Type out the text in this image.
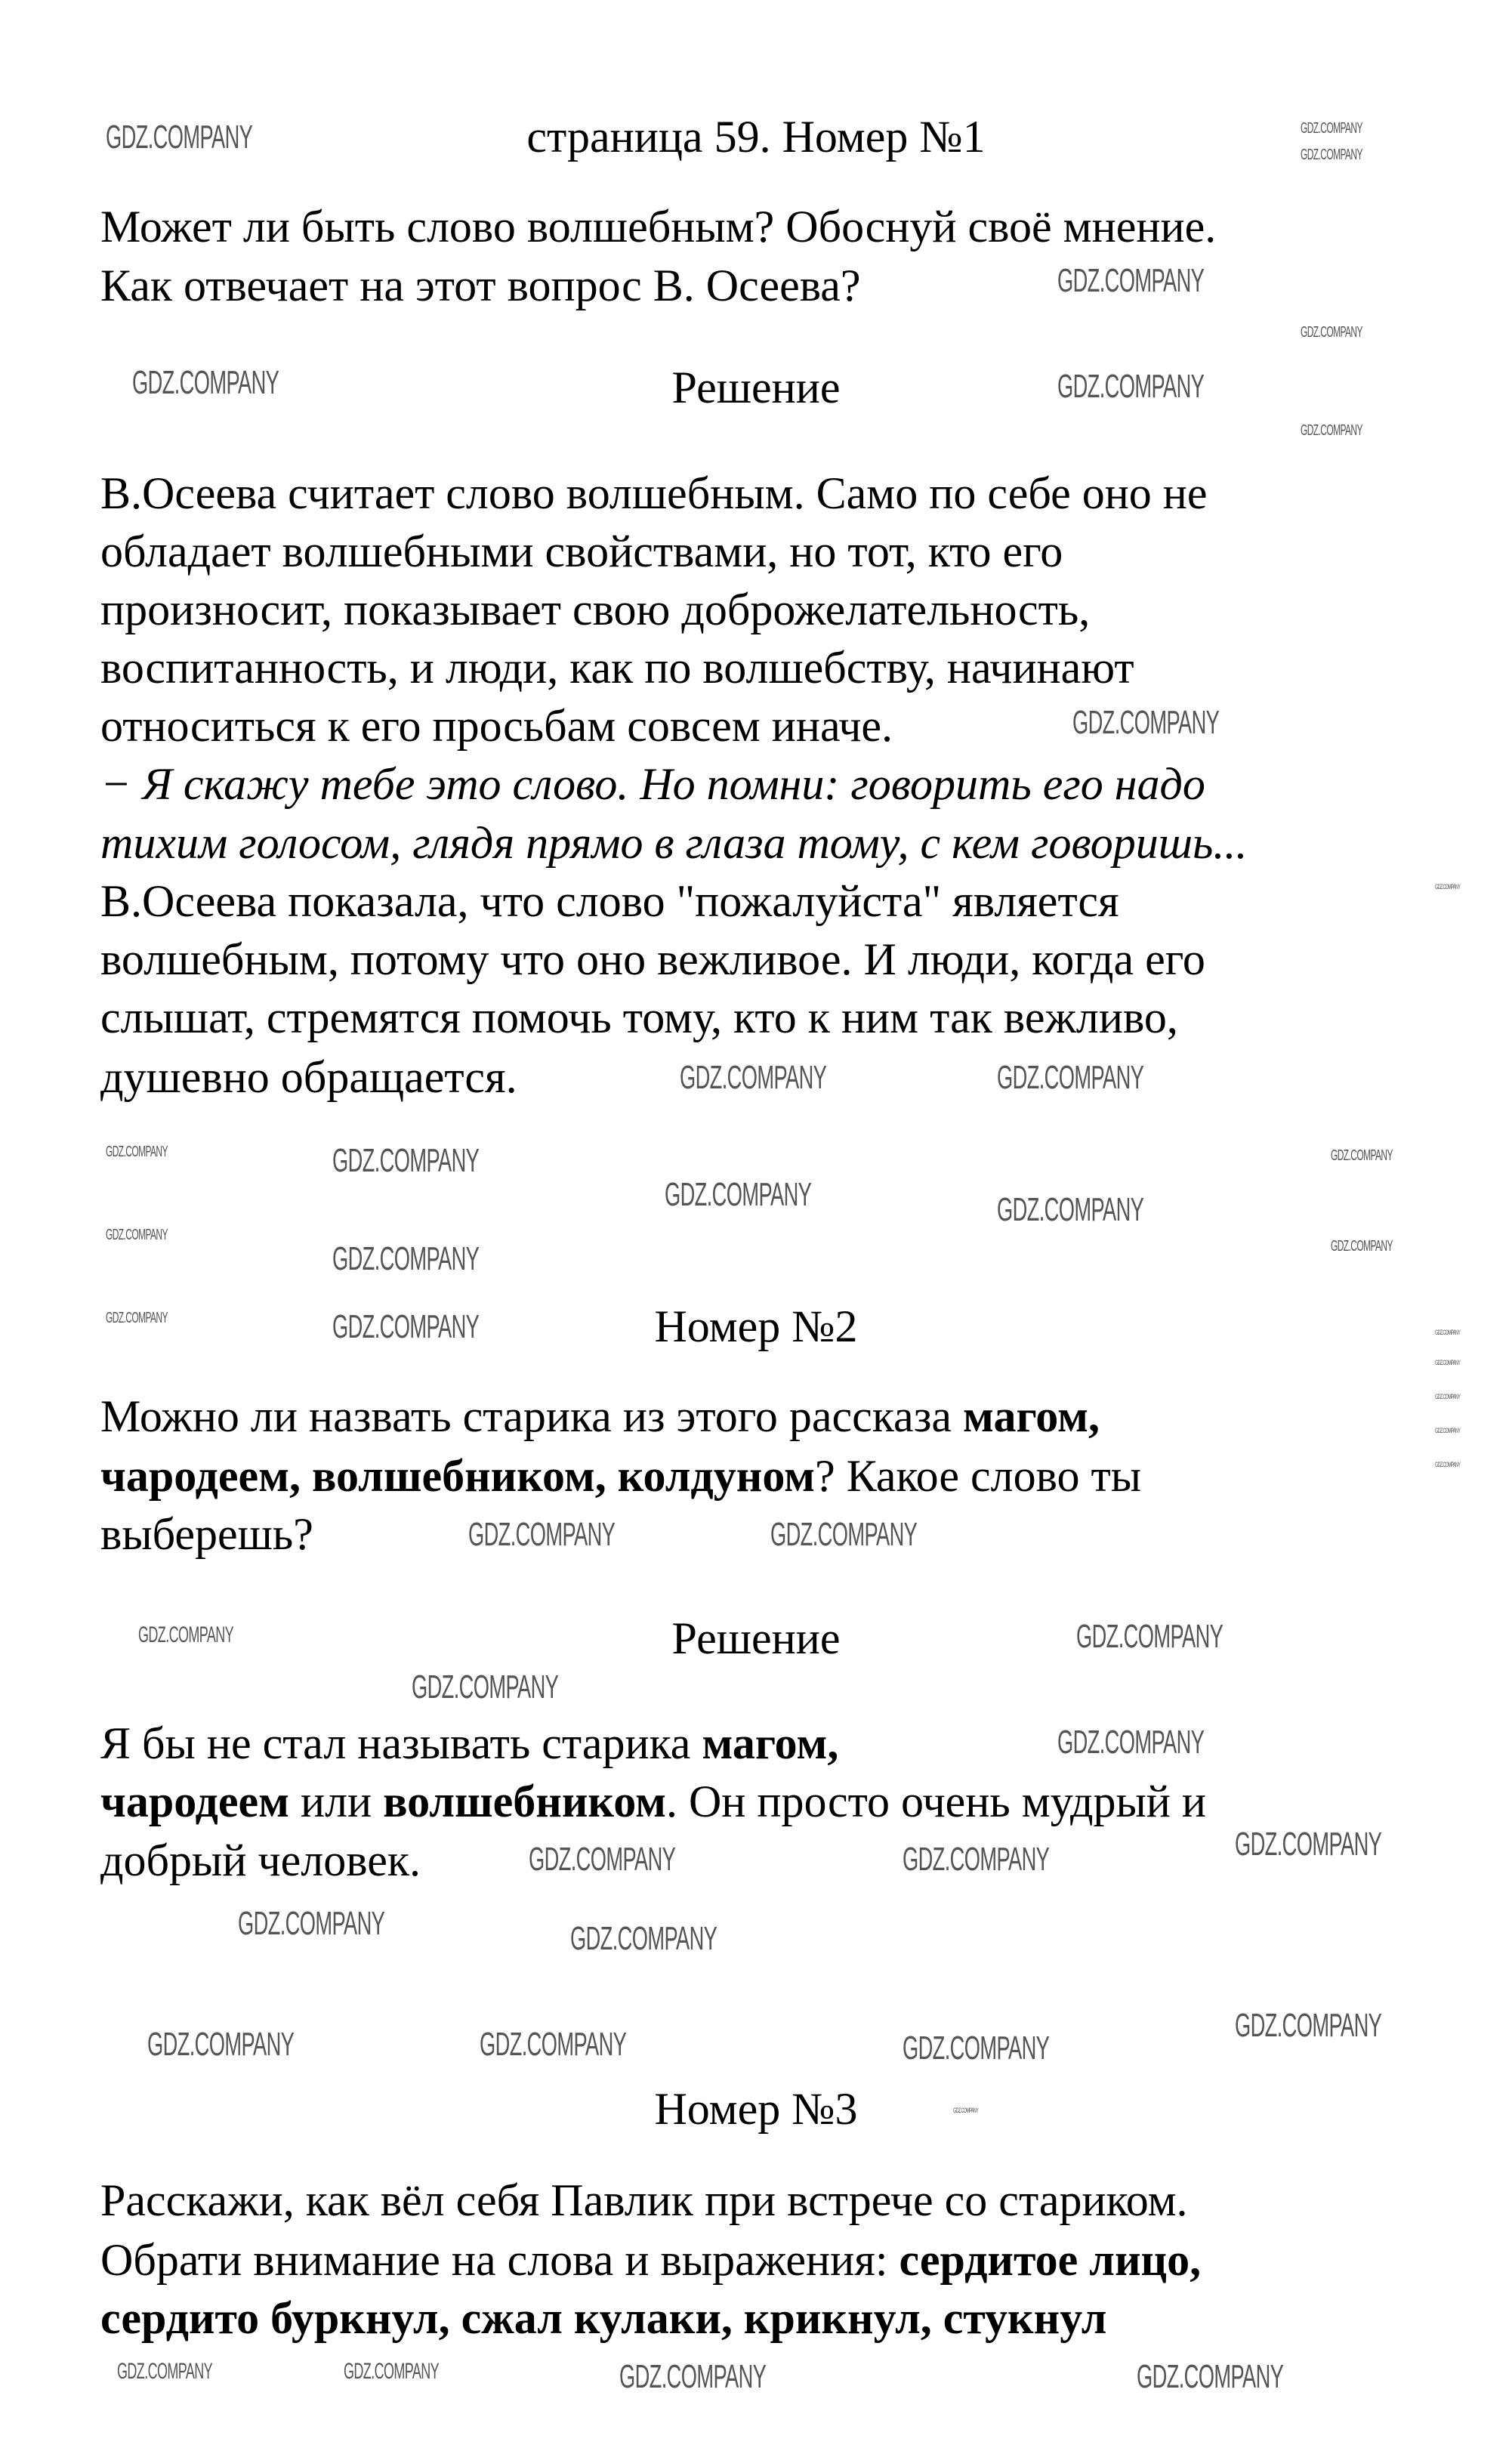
страница 59. Номер №1
Может ли быть слово волшебным? Обоснуй своё мнение.
Как отвечает на этот вопрос В. Осеева?
Решение
В.Осеева считает слово волшебным. Само по себе оно не
обладает волшебными свойствами, но тот, кто его
произносит, показывает свою доброжелательность,
воспитанность, и люди, как по волшебству, начинают
относиться к его просьбам совсем иначе.
− Я скажу тебе это слово. Но помни: говорить его надо
тихим голосом, глядя прямо в глаза тому, с кем говоришь...
В.Осеева показала, что слово "пожалуйста" является
волшебным, потому что оно вежливое. И люди, когда его
слышат, стремятся помочь тому, кто к ним так вежливо,
душевно обращается.
Номер №2
Можно ли назвать старика из этого рассказа магом,
чародеем, волшебником, колдуном? Какое слово ты
выберешь?
Решение
Я бы не стал называть старика магом,
чародеем или волшебником. Он просто очень мудрый и
добрый человек.
Номер №3
Расскажи, как вёл себя Павлик при встрече со стариком.
Обрати внимание на слова и выражения: сердитое лицо,
сердито буркнул, сжал кулаки, крикнул, стукнул
GDZ.COMPANY
GDZ.COMPANY
GDZ.COMPANY
GDZ.COMPANY
GDZ.COMPANY
GDZ.COMPANY	GDZ.COMPANY
GDZ.COMPANY
GDZ.COMPANY
GDZ.COMPANY
GDZ.COMPANY	GDZ.COMPANY
GDZ.COMPANY	GDZ.COMPANY
GDZ.COMPANY	GDZ.COMPANY
GDZ.COMPANY
GDZ.COMPANY
GDZ.COMPANY	GDZ.COMPANY
GDZ.COMPANY	GDZ.COMPANY	GDZ.COMPANY
GDZ.COMPANY
GDZ.COMPANY
GDZ.COMPANY
GDZ.COMPANY
GDZ.COMPANY	GDZ.COMPANY
GDZ.COMPANY	GDZ.COMPANY
GDZ.COMPANY
GDZ.COMPANY
GDZ.COMPANY	GDZ.COMPANY	GDZ.COMPANY
GDZ.COMPANY	GDZ.COMPANY
GDZ.COMPANY
GDZ.COMPANY
GDZ.COMPANY	GDZ.COMPANY
GDZ.COMPANY
GDZ.COMPANY	GDZ.COMPANY	GDZ.COMPANY	GDZ.COMPANY
